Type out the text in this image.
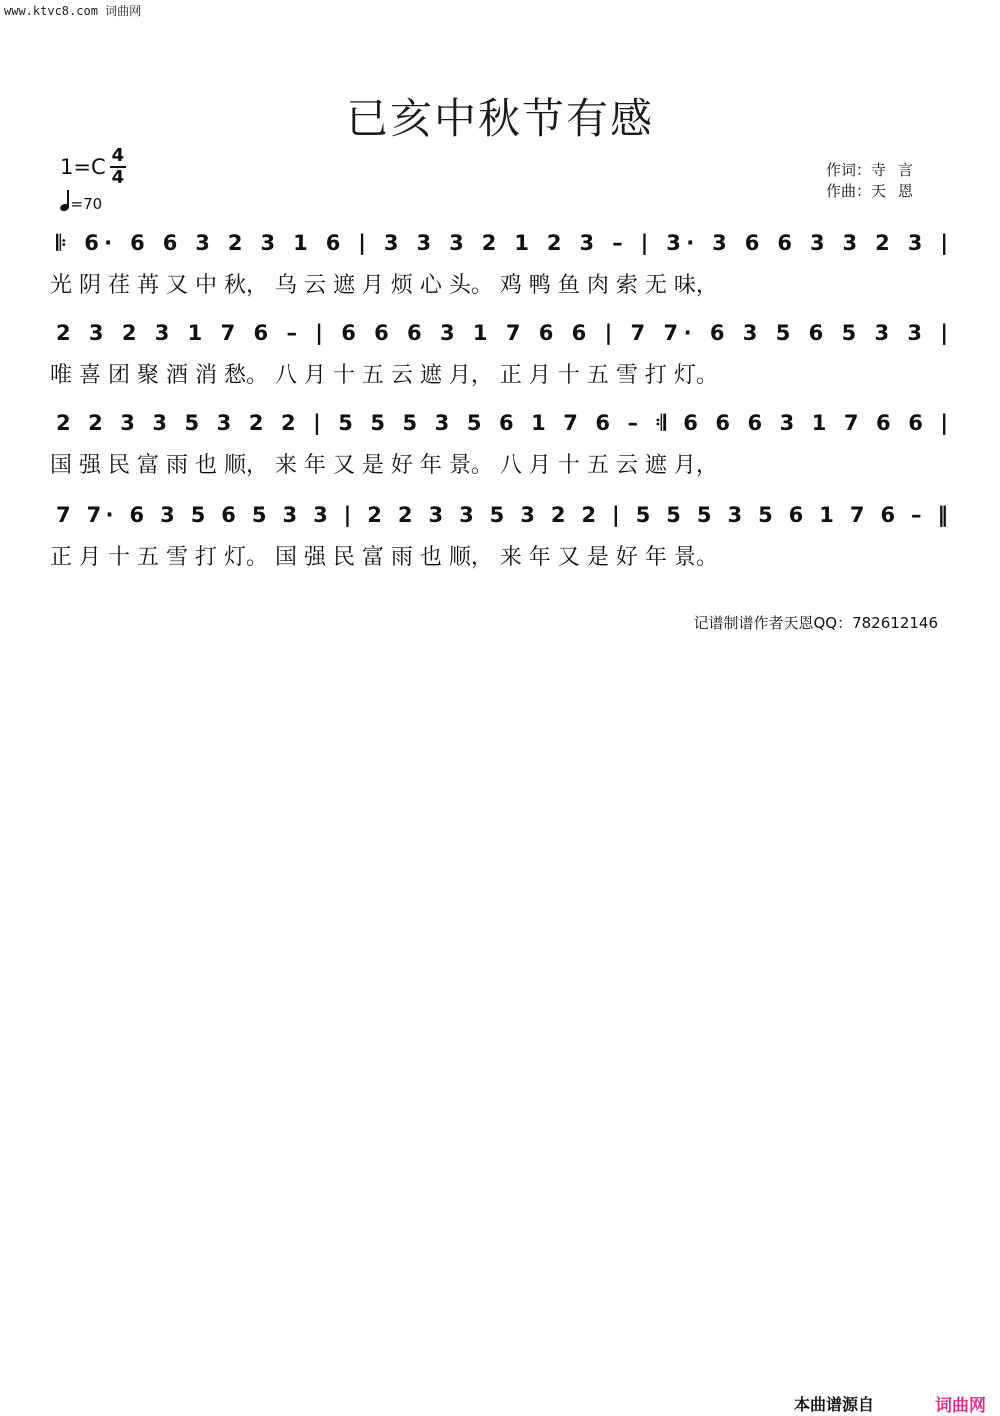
www.ktvc8.com 词曲网
已亥中秋节有感
$1=C \frac{4}{4}$
=70
作词：寺言
作曲：天恩
𝄆 6· 6 6 3 2 3 1 6 | 3 3 3 2 1 2 3 – | 3· 3 6 6 3 3 2 3 |
光 阴 荏 苒 又 中 秋， 乌 云 遮 月 烦 心 头。 鸡 鸭 鱼 肉 索 无 味，
2 3 2 3 1 7 6 – | 6 6 6 3 1 7 6 6 | 7 7· 6 3 5 6 5 3 3 |
唯 喜 团 聚 酒 消 愁。 八 月 十 五 云 遮 月， 正 月 十 五 雪 打 灯。
2 2 3 3 5 3 2 2 | 5 5 5 3 5 6 1 7 6 – 𝄇 6 6 6 3 1 7 6 6 |
国 强 民 富 雨 也 顺， 来 年 又 是 好 年 景。 八 月 十 五 云 遮 月，
7 7· 6 3 5 6 5 3 3 | 2 2 3 3 5 3 2 2 | 5 5 5 3 5 6 1 7 6 – ‖
正 月 十 五 雪 打 灯。 国 强 民 富 雨 也 顺， 来 年 又 是 好 年 景。
记谱制谱作者天恩QQ：782612146
本曲谱源自	词曲网
